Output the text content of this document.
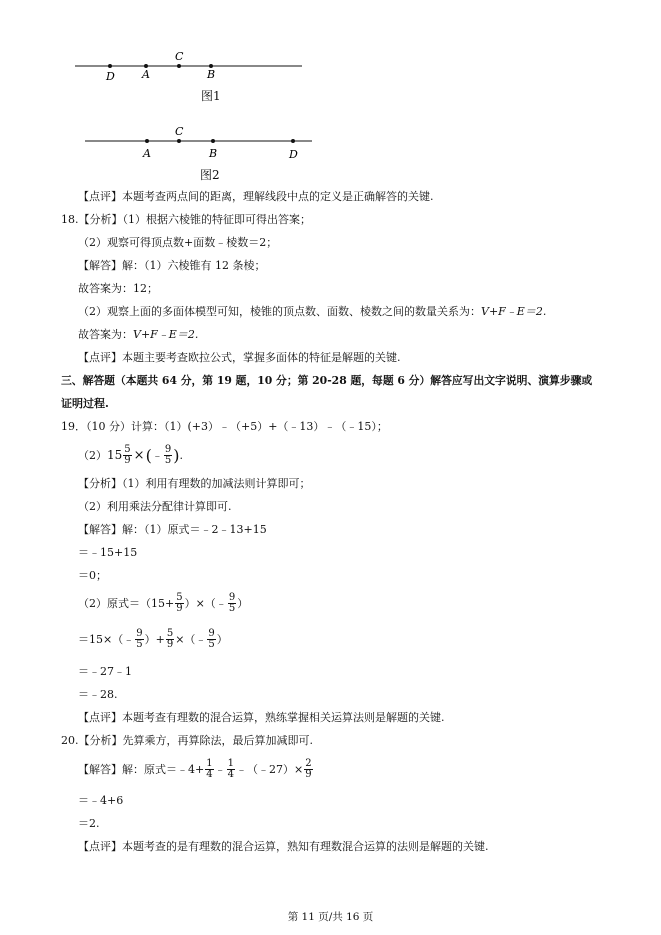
C
D A	B
图1
C
A	B	D
图2
【点评】本题考查两点间的距离，理解线段中点的定义是正确解答的关键.
18.【分析】（1）根据六棱锥的特征即可得出答案；
（2）观察可得顶点数+面数﹣棱数＝2；
【解答】解：（1）六棱锥有 12 条棱；
故答案为：12；
（2）观察上面的多面体模型可知，棱锥的顶点数、面数、棱数之间的数量关系为：V+F﹣E＝2.
故答案为：V+F﹣E＝2.
【点评】本题主要考查欧拉公式，掌握多面体的特征是解题的关键.
三、解答题（本题共 64 分，第 19 题，10 分；第 20-28 题，每题 6 分）解答应写出文字说明、演算步骤或
证明过程.
19．（10 分）计算：（1）(+3）﹣（+5）+（﹣13）﹣（﹣15）；
（2） $15 \frac{5}{9}$ × ( ﹣ $\frac{9}{5}$ ) .
【分析】（1）利用有理数的加减法则计算即可；
（2）利用乘法分配律计算即可.
【解答】解：（1）原式＝﹣2﹣13+15
＝﹣15+15
＝0；
（2）原式$=(15+ \frac{5}{9}$ ）×（﹣ $\frac{9}{5}$ ）
＝15×（﹣ $\frac{9}{5}$ ）+ $\frac{5}{9}$ ×（﹣ $\frac{9}{5}$ ）
＝﹣27﹣1
＝﹣28.
【点评】本题考查有理数的混合运算，熟练掌握相关运算法则是解题的关键.
20.【分析】先算乘方，再算除法，最后算加减即可.
【解答】解：原式＝﹣4+ $\frac{1}{4}$ ﹣ $\frac{1}{4}$ ﹣（﹣27）× $\frac{2}{9}$
＝﹣4+6
＝2.
【点评】本题考查的是有理数的混合运算，熟知有理数混合运算的法则是解题的关键.
第 11 页/共 16 页
